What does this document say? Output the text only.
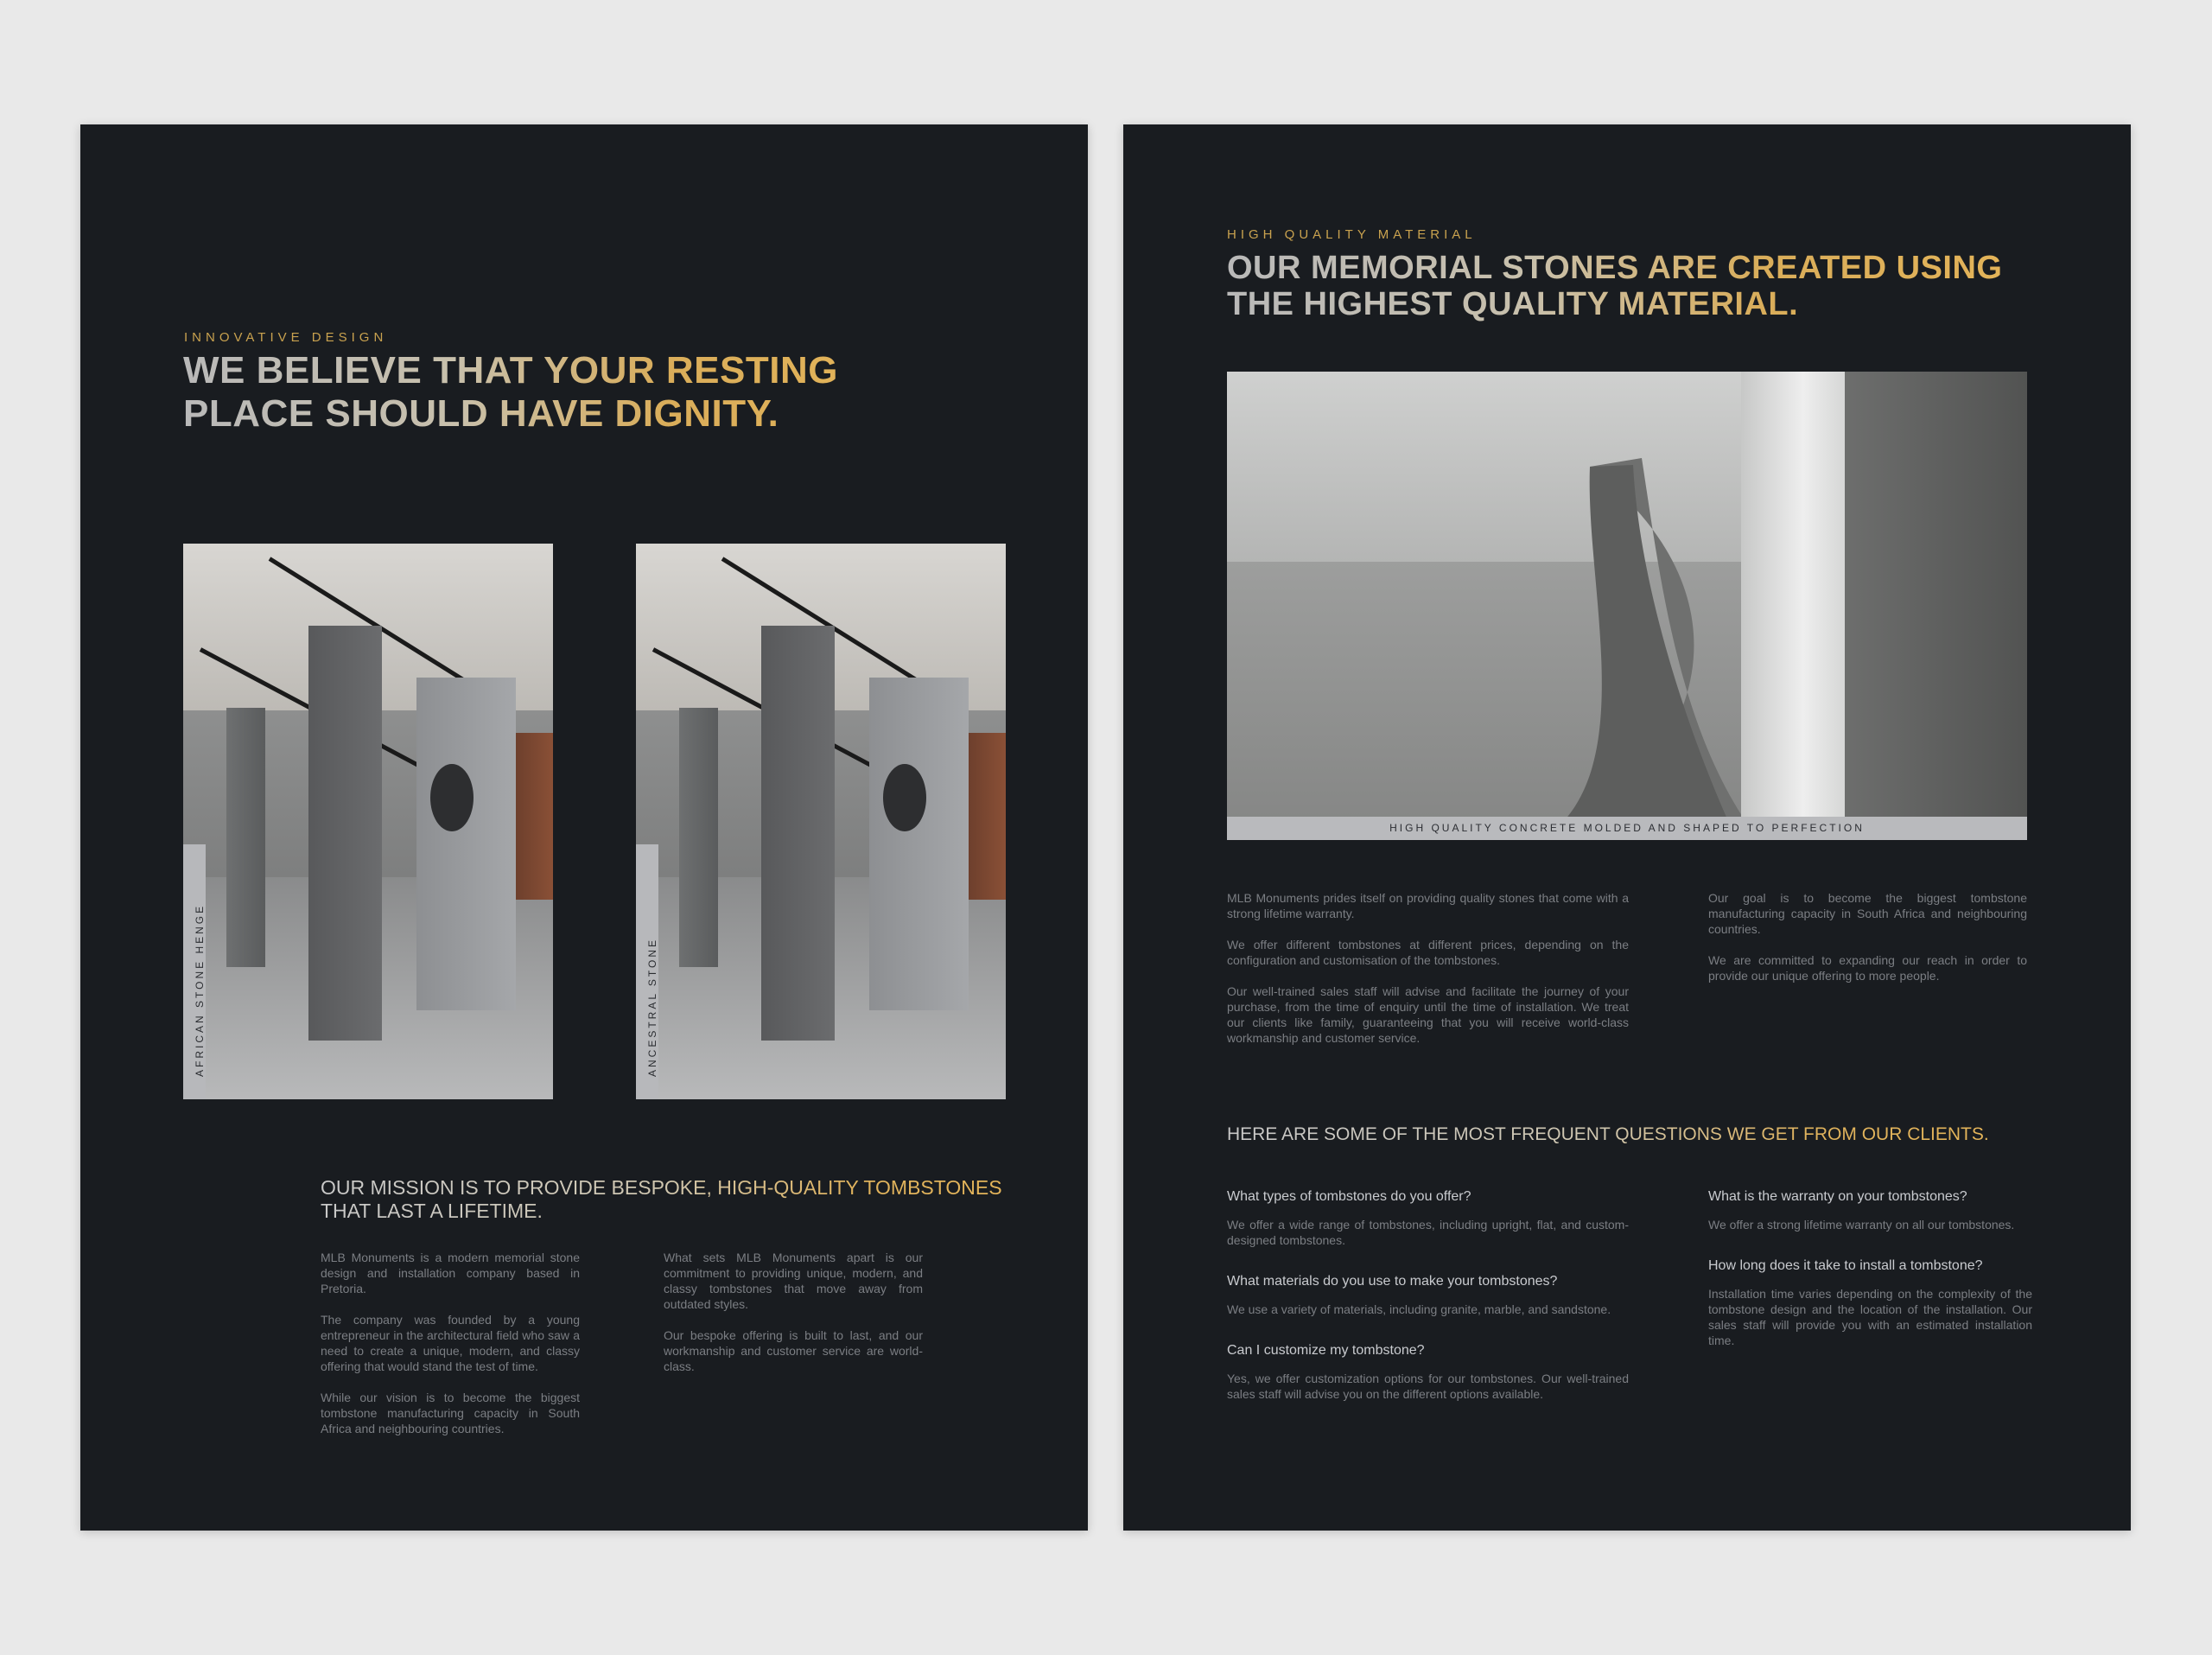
INNOVATIVE DESIGN

WE BELIEVE THAT YOUR RESTING

PLACE SHOULD HAVE DIGNITY.

AFRICAN STONE HENGE	ANCESTRAL STONE

OUR MISSION IS TO PROVIDE BESPOKE, HIGH-QUALITY TOMBSTONES

THAT LAST A LIFETIME.

MLB Monuments is a modern memorial stone design and installation company based in Pretoria.

The company was founded by a young entrepreneur in the architectural field who saw a need to create a unique, modern, and classy offering that would stand the test of time.

While our vision is to become the biggest tombstone manufacturing capacity in South Africa and neighbouring countries.

What sets MLB Monuments apart is our commitment to providing unique, modern, and classy tombstones that move away from outdated styles.

Our bespoke offering is built to last, and our workmanship and customer service are world-class.

HIGH QUALITY MATERIAL

OUR MEMORIAL STONES ARE CREATED USING

THE HIGHEST QUALITY MATERIAL.

HIGH QUALITY CONCRETE MOLDED AND SHAPED TO PERFECTION

MLB Monuments prides itself on providing quality stones that come with a strong lifetime warranty.

We offer different tombstones at different prices, depending on the configuration and customisation of the tombstones.

Our well-trained sales staff will advise and facilitate the journey of your purchase, from the time of enquiry until the time of installation. We treat our clients like family, guaranteeing that you will receive world-class workmanship and customer service.

Our goal is to become the biggest tombstone manufacturing capacity in South Africa and neighbouring countries.

We are committed to expanding our reach in order to provide our unique offering to more people.

HERE ARE SOME OF THE MOST FREQUENT QUESTIONS WE GET FROM OUR CLIENTS.

What types of tombstones do you offer?

We offer a wide range of tombstones, including upright, flat, and custom-designed tombstones.

What materials do you use to make your tombstones?

We use a variety of materials, including granite, marble, and sandstone.

Can I customize my tombstone?

Yes, we offer customization options for our tombstones. Our well-trained sales staff will advise you on the different options available.

What is the warranty on your tombstones?

We offer a strong lifetime warranty on all our tombstones.

How long does it take to install a tombstone?

Installation time varies depending on the complexity of the tombstone design and the location of the installation. Our sales staff will provide you with an estimated installation time.
